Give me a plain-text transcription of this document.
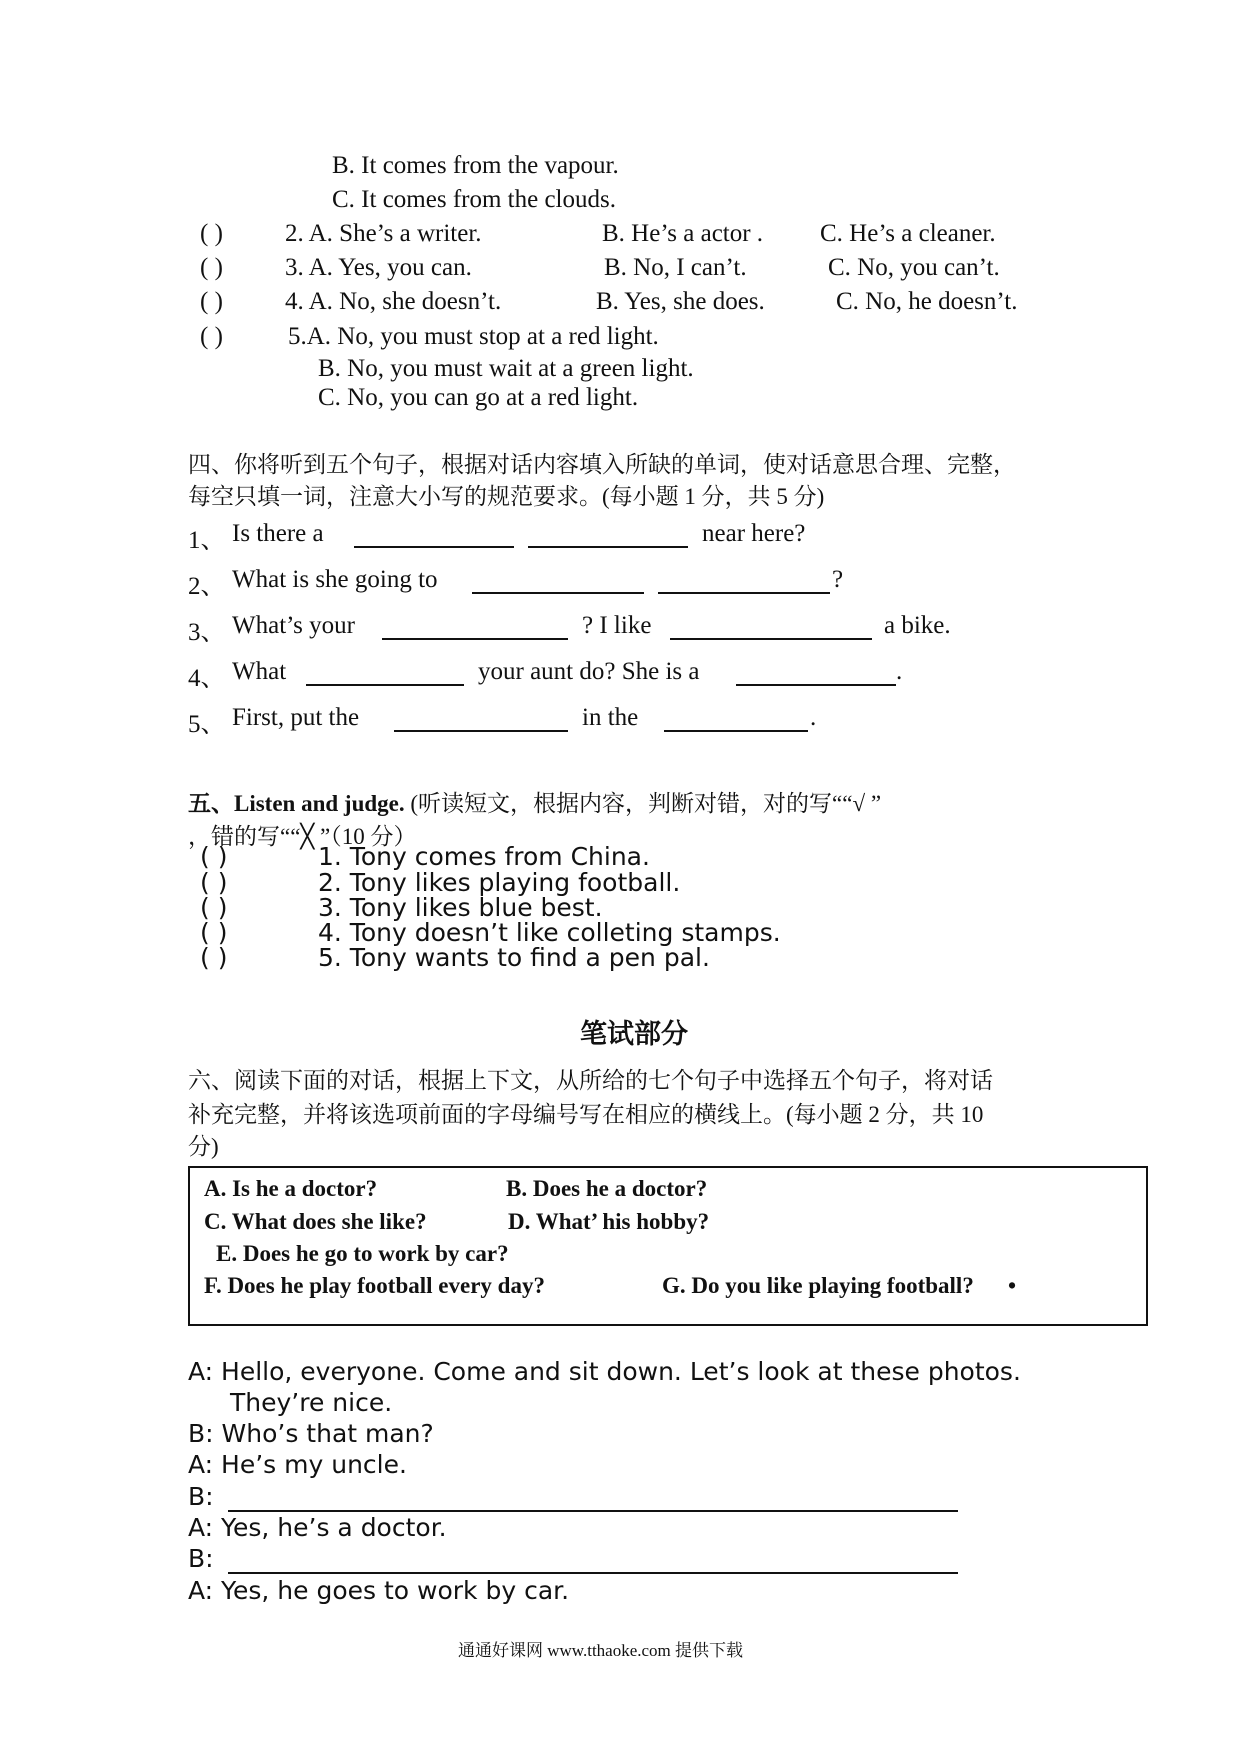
B. It comes from the vapour.
C. It comes from the clouds.
( ) 2. A. She’s a writer.	B. He’s a actor . C. He’s a cleaner.
( ) 3. A. Yes, you can.	B. No, I can’t.	C. No, you can’t.
( ) 4. A. No, she doesn’t.	B. Yes, she does.	C. No, he doesn’t.
( )	5.A. No, you must stop at a red light.
B. No, you must wait at a green light.
C. No, you can go at a red light.
四、你将听到五个句子，根据对话内容填入所缺的单词，使对话意思合理、完整，
每空只填一词，注意大小写的规范要求。(每小题 1 分，共 5 分)
1、 Is there a	near here?
2、 What is she going to	?
3、 What’s your	? I like	a bike.
4、 What	your aunt do? She is a	.
5、 First, put the	in the	.
五、Listen and judge. (听读短文，根据内容，判断对错，对的写““√ ”
，错的写““╳ ”（10 分）
( )	1. Tony comes from China.
( )	2. Tony likes playing football.
( )	3. Tony likes blue best.
( )	4. Tony doesn’t like colleting stamps.
( )	5. Tony wants to find a pen pal.
笔试部分
六、阅读下面的对话，根据上下文，从所给的七个句子中选择五个句子，将对话
补充完整，并将该选项前面的字母编号写在相应的横线上。(每小题 2 分，共 10
分)
A. Is he a doctor?	B. Does he a doctor?
C. What does she like?	D. What’ his hobby?
E. Does he go to work by car?
F. Does he play football every day?	G. Do you like playing football? •
A: Hello, everyone. Come and sit down. Let’s look at these photos.
They’re nice.
B: Who’s that man?
A: He’s my uncle.
B:
A: Yes, he’s a doctor.
B:
A: Yes, he goes to work by car.
通通好课网 www.tthaoke.com 提供下载
